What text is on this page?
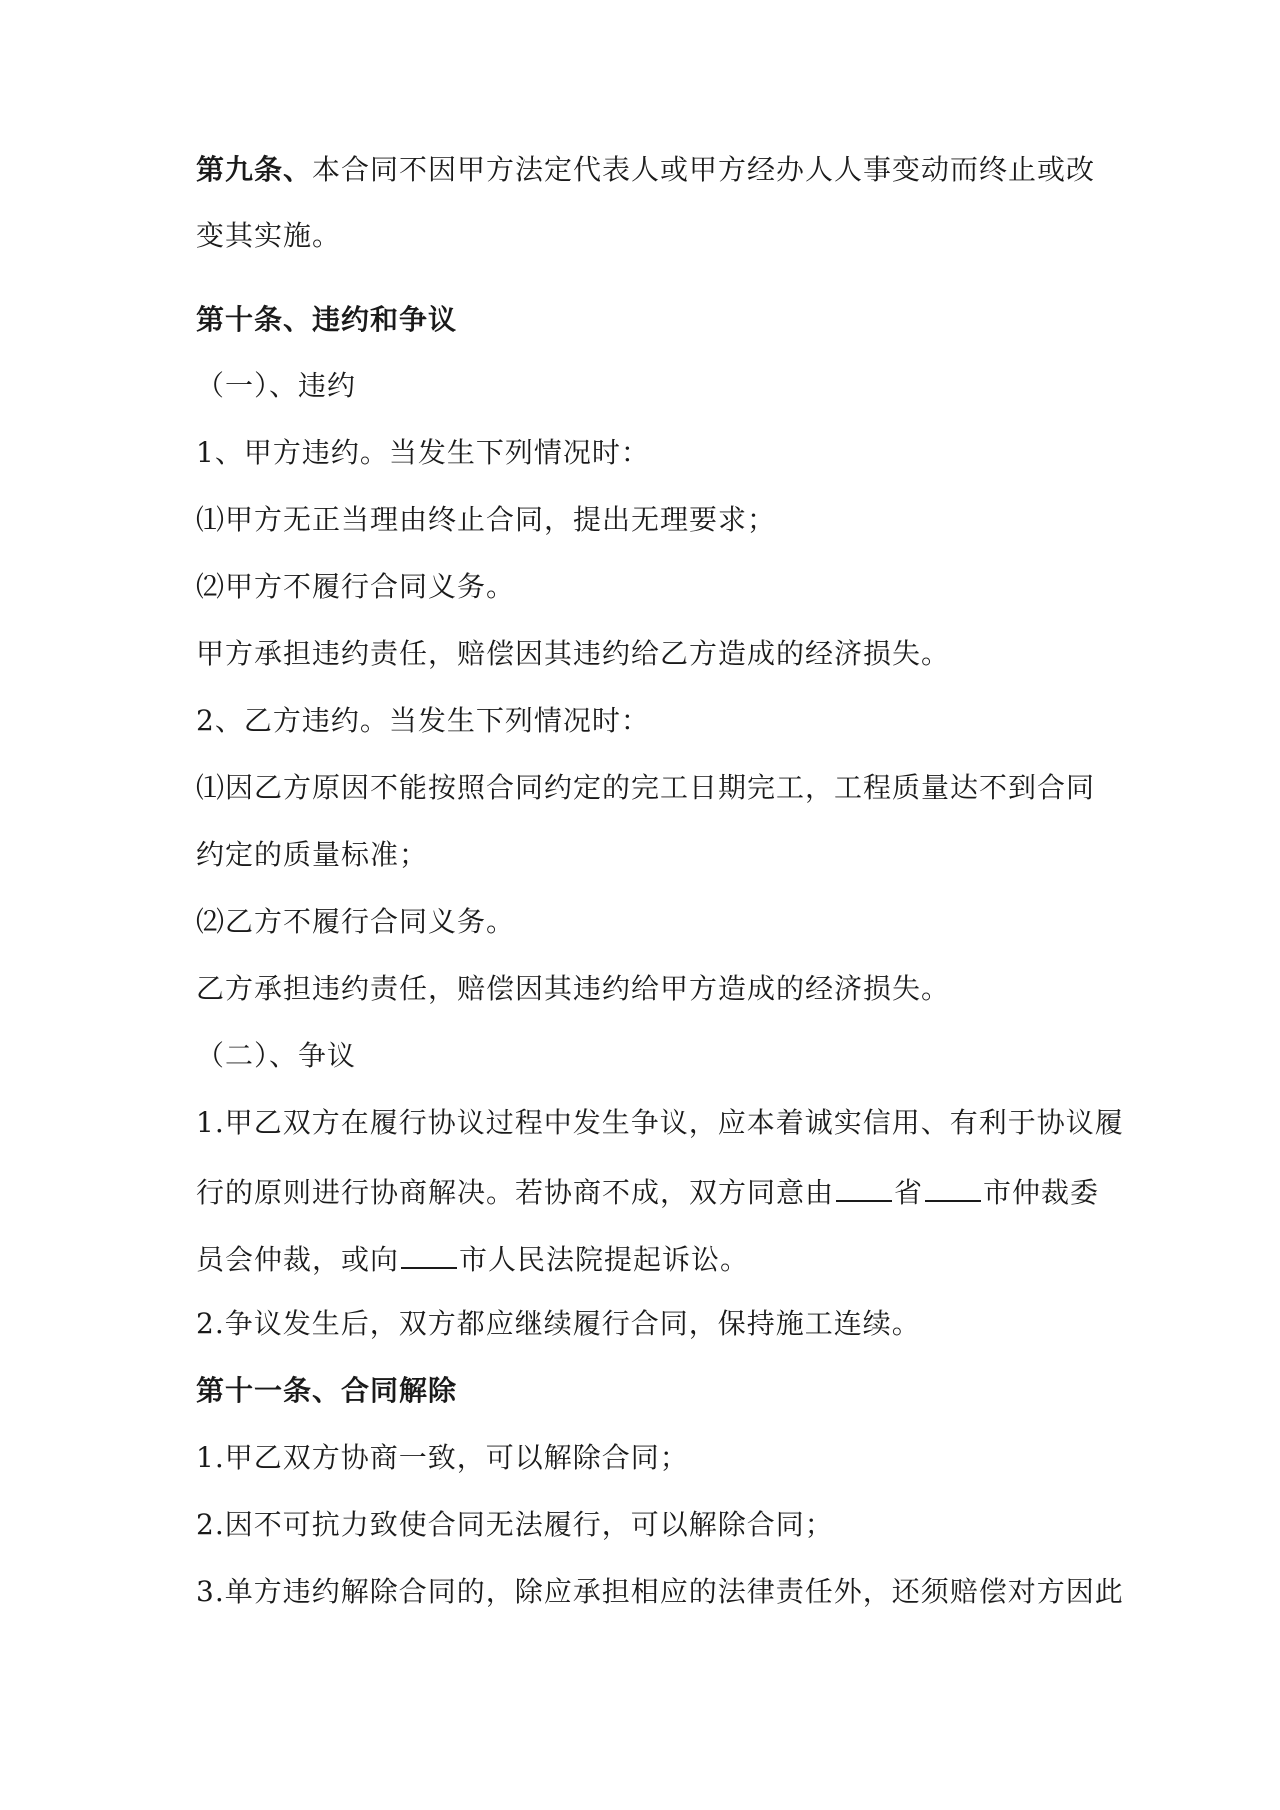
第九条、本合同不因甲方法定代表人或甲方经办人人事变动而终止或改
变其实施。
第十条、违约和争议
（一）、违约
1、甲方违约。当发生下列情况时：
⑴甲方无正当理由终止合同，提出无理要求；
⑵甲方不履行合同义务。
甲方承担违约责任，赔偿因其违约给乙方造成的经济损失。
2、乙方违约。当发生下列情况时：
⑴因乙方原因不能按照合同约定的完工日期完工，工程质量达不到合同
约定的质量标准；
⑵乙方不履行合同义务。
乙方承担违约责任，赔偿因其违约给甲方造成的经济损失。
（二）、争议
1.甲乙双方在履行协议过程中发生争议，应本着诚实信用、有利于协议履
行的原则进行协商解决。若协商不成，双方同意由 省 市仲裁委
员会仲裁，或向 市人民法院提起诉讼。
2.争议发生后，双方都应继续履行合同，保持施工连续。
第十一条、合同解除
1.甲乙双方协商一致，可以解除合同；
2.因不可抗力致使合同无法履行，可以解除合同；
3.单方违约解除合同的，除应承担相应的法律责任外，还须赔偿对方因此
